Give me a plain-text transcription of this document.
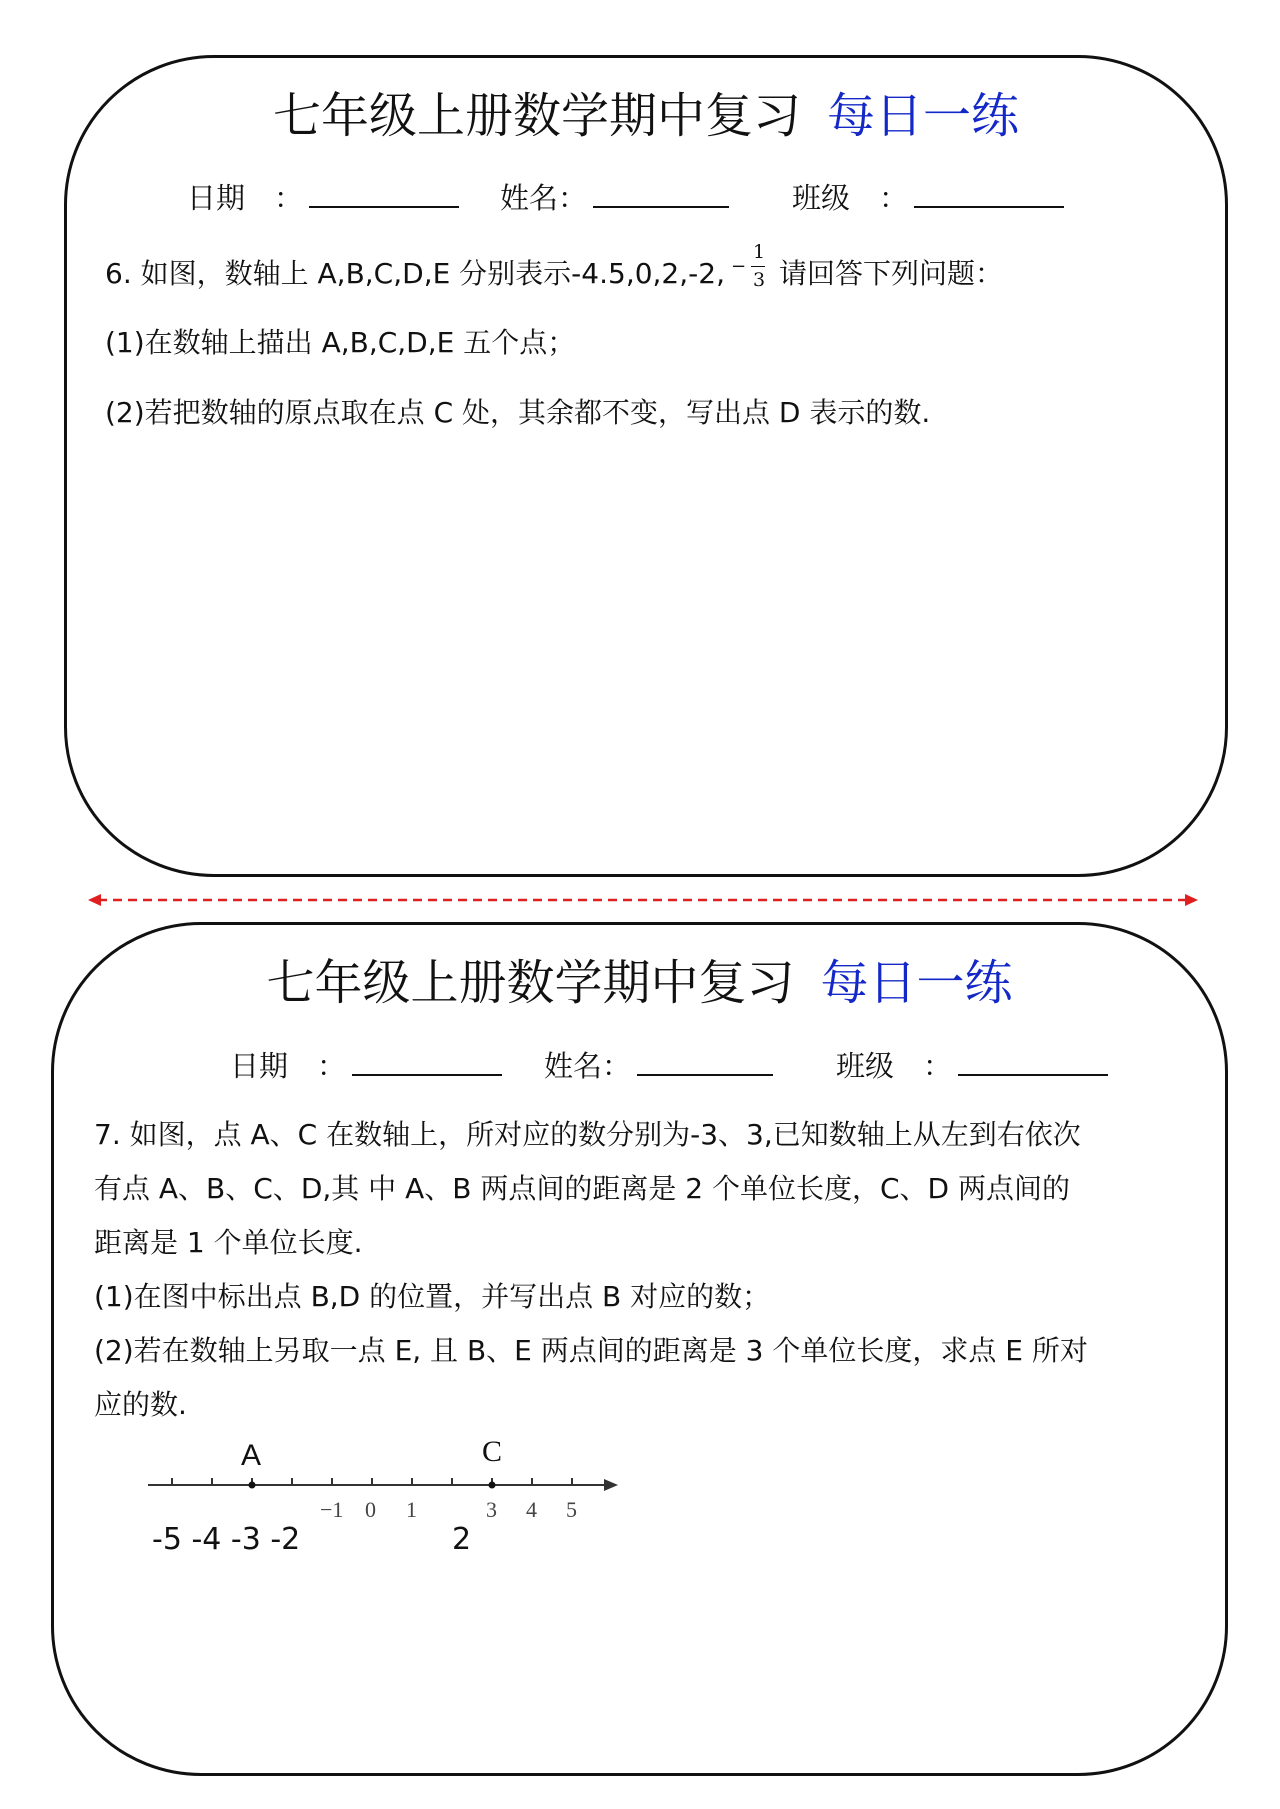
七年级上册数学期中复习 每日一练
日期　：	姓名：	班级　：
6. 如图，数轴上 A,B,C,D,E 分别表示-4.5,0,2,-2, −
1
3 请回答下列问题：
(1)在数轴上描出 A,B,C,D,E 五个点；
(2)若把数轴的原点取在点 C 处，其余都不变，写出点 D 表示的数.
七年级上册数学期中复习 每日一练
日期　：	姓名：	班级　：
7. 如图，点 A、C 在数轴上，所对应的数分别为-3、3,已知数轴上从左到右依次
有点 A、B、C、D,其 中 A、B 两点间的距离是 2 个单位长度，C、D 两点间的
距离是 1 个单位长度.
(1)在图中标出点 B,D 的位置，并写出点 B 对应的数；
(2)若在数轴上另取一点 E, 且 B、E 两点间的距离是 3 个单位长度，求点 E 所对
应的数.
A	C
−1 0 1	3 4 5
-5 -4 -3 -2	2
